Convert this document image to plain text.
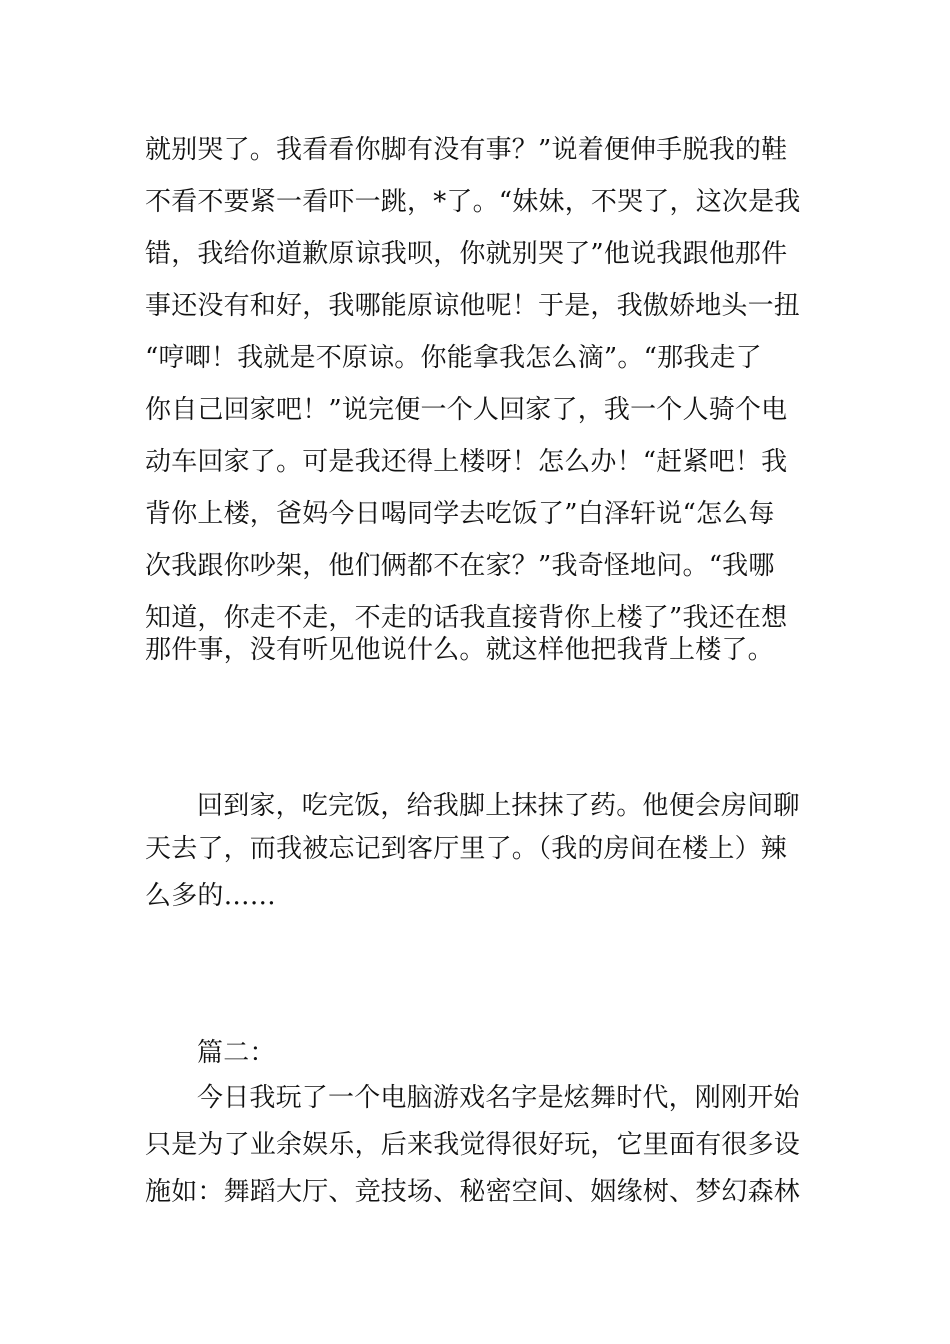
就别哭了。我看看你脚有没有事？”说着便伸手脱我的鞋
不看不要紧一看吓一跳，*了。“妹妹，不哭了，这次是我
错，我给你道歉原谅我呗，你就别哭了”他说我跟他那件
事还没有和好，我哪能原谅他呢！于是，我傲娇地头一扭
“哼唧！我就是不原谅。你能拿我怎么滴”。“那我走了
你自己回家吧！”说完便一个人回家了，我一个人骑个电
动车回家了。可是我还得上楼呀！怎么办！“赶紧吧！我
背你上楼，爸妈今日喝同学去吃饭了”白泽轩说“怎么每
次我跟你吵架，他们俩都不在家？”我奇怪地问。“我哪
知道，你走不走，不走的话我直接背你上楼了”我还在想
那件事，没有听见他说什么。就这样他把我背上楼了。
回到家，吃完饭，给我脚上抹抹了药。他便会房间聊
天去了，而我被忘记到客厅里了。（我的房间在楼上）辣
么多的……
篇二：
今日我玩了一个电脑游戏名字是炫舞时代，刚刚开始
只是为了业余娱乐，后来我觉得很好玩，它里面有很多设
施如：舞蹈大厅、竞技场、秘密空间、姻缘树、梦幻森林
